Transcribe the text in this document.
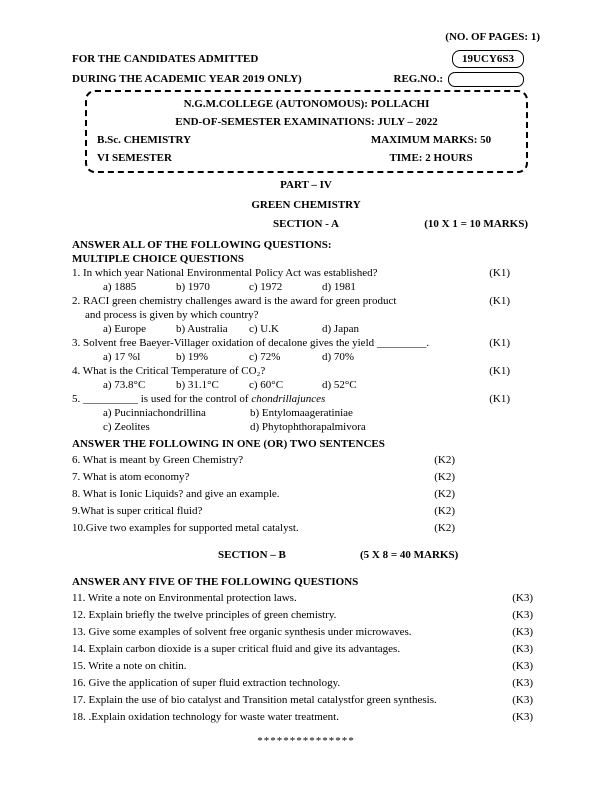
(NO. OF PAGES: 1)
FOR THE CANDIDATES ADMITTED	19UCY6S3
DURING THE ACADEMIC YEAR 2019 ONLY)	REG.NO.:
N.G.M.COLLEGE (AUTONOMOUS): POLLACHI
END-OF-SEMESTER EXAMINATIONS: JULY – 2022
B.Sc. CHEMISTRY	MAXIMUM MARKS: 50
VI SEMESTER	TIME: 2 HOURS
PART – IV
GREEN CHEMISTRY
SECTION - A	(10 X 1 = 10 MARKS)
ANSWER ALL OF THE FOLLOWING QUESTIONS:
MULTIPLE CHOICE QUESTIONS
1. In which year National Environmental Policy Act was established?	(K1)
a) 1885	b) 1970	c) 1972	d) 1981
2. RACI green chemistry challenges award is the award for green product
and process is given by which country?
(K1)
a) Europe	b) Australia	c) U.K	d) Japan
3. Solvent free Baeyer-Villager oxidation of decalone gives the yield _________.	(K1)
a) 17 %l	b) 19%	c) 72%	d) 70%
4. What is the Critical Temperature of CO₂?	(K1)
a) 73.8°C	b) 31.1°C	c) 60°C	d) 52°C
5. __________ is used for the control of chondrillajunces	(K1)
a) Pucinniachondrillina	b) Entylomaageratiniae
c) Zeolites	d) Phytophthorapalmivora
ANSWER THE FOLLOWING IN ONE (OR) TWO SENTENCES
6. What is meant by Green Chemistry?	(K2)
7. What is atom economy?	(K2)
8. What is Ionic Liquids? and give an example.	(K2)
9.What is super critical fluid?	(K2)
10.Give two examples for supported metal catalyst.	(K2)
SECTION – B	(5 X 8 = 40 MARKS)
ANSWER ANY FIVE OF THE FOLLOWING QUESTIONS
11. Write a note on Environmental protection laws.	(K3)
12. Explain briefly the twelve principles of green chemistry.	(K3)
13. Give some examples of solvent free organic synthesis under microwaves.	(K3)
14. Explain carbon dioxide is a super critical fluid and give its advantages.	(K3)
15. Write a note on chitin.	(K3)
16. Give the application of super fluid extraction technology.	(K3)
17. Explain the use of bio catalyst and Transition metal catalystfor green synthesis.	(K3)
18. .Explain oxidation technology for waste water treatment.	(K3)
***************
